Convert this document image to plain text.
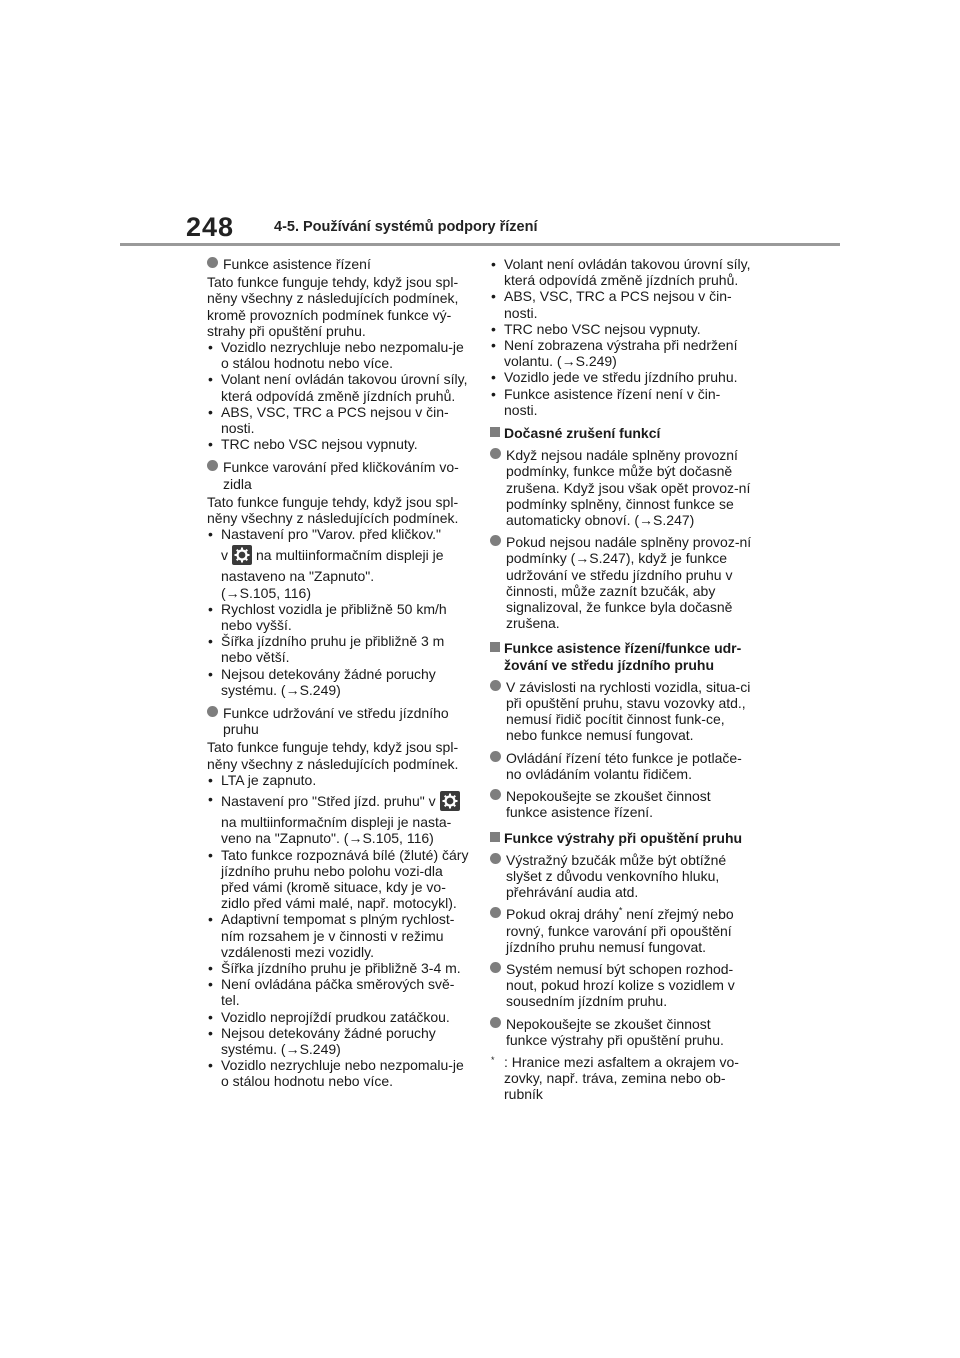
248	4-5. Používání systémů podpory řízení
Funkce asistence řízení
Tato funkce funguje tehdy, když jsou spl-něny všechny z následujících podmínek, kromě provozních podmínek funkce vý-strahy při opuštění pruhu.
• Vozidlo nezrychluje nebo nezpomalu-je o stálou hodnotu nebo více.
• Volant není ovládán takovou úrovní síly, která odpovídá změně jízdních pruhů.
• ABS, VSC, TRC a PCS nejsou v čin-nosti.
• TRC nebo VSC nejsou vypnuty.
Funkce varování před kličkováním vo-zidla
Tato funkce funguje tehdy, když jsou spl-něny všechny z následujících podmínek.
• Nastavení pro "Varov. před kličkov."
v na multiinformačním displeji je
nastaveno na "Zapnuto".
(→S.105, 116)
• Rychlost vozidla je přibližně 50 km/h nebo vyšší.
• Šířka jízdního pruhu je přibližně 3 m nebo větší.
• Nejsou detekovány žádné poruchy systému. (→S.249)
Funkce udržování ve středu jízdního pruhu
Tato funkce funguje tehdy, když jsou spl-něny všechny z následujících podmínek.
• LTA je zapnuto.
• Nastavení pro "Střed jízd. pruhu" v
na multiinformačním displeji je nasta-veno na "Zapnuto". (→S.105, 116)
• Tato funkce rozpoznává bílé (žluté) čáry jízdního pruhu nebo polohu vozi-dla před vámi (kromě situace, kdy je vo-zidlo před vámi malé, např. motocykl).
• Adaptivní tempomat s plným rychlost-ním rozsahem je v činnosti v režimu vzdálenosti mezi vozidly.
• Šířka jízdního pruhu je přibližně 3-4 m.
• Není ovládána páčka směrových svě-tel.
• Vozidlo neprojíždí prudkou zatáčkou.
• Nejsou detekovány žádné poruchy systému. (→S.249)
• Vozidlo nezrychluje nebo nezpomalu-je o stálou hodnotu nebo více.
• Volant není ovládán takovou úrovní síly, která odpovídá změně jízdních pruhů.
• ABS, VSC, TRC a PCS nejsou v čin-nosti.
• TRC nebo VSC nejsou vypnuty.
• Není zobrazena výstraha při nedržení volantu. (→S.249)
• Vozidlo jede ve středu jízdního pruhu.
• Funkce asistence řízení není v čin-nosti.
Dočasné zrušení funkcí
Když nejsou nadále splněny provozní podmínky, funkce může být dočasně zrušena. Když jsou však opět provoz-ní podmínky splněny, činnost funkce se automaticky obnoví. (→S.247)
Pokud nejsou nadále splněny provoz-ní podmínky (→S.247), když je funkce udržování ve středu jízdního pruhu v činnosti, může zaznít bzučák, aby signalizoval, že funkce byla dočasně zrušena.
Funkce asistence řízení/funkce udr-žování ve středu jízdního pruhu
V závislosti na rychlosti vozidla, situa-ci při opuštění pruhu, stavu vozovky atd., nemusí řidič pocítit činnost funk-ce, nebo funkce nemusí fungovat.
Ovládání řízení této funkce je potlače-no ovládáním volantu řidičem.
Nepokoušejte se zkoušet činnost funkce asistence řízení.
Funkce výstrahy při opuštění pruhu
Výstražný bzučák může být obtížné slyšet z důvodu venkovního hluku, přehrávání audia atd.
Pokud okraj dráhy* není zřejmý nebo rovný, funkce varování při opouštění jízdního pruhu nemusí fungovat.
Systém nemusí být schopen rozhod-nout, pokud hrozí kolize s vozidlem v sousedním jízdním pruhu.
Nepokoušejte se zkoušet činnost funkce výstrahy při opuštění pruhu.
* : Hranice mezi asfaltem a okrajem vo-zovky, např. tráva, zemina nebo ob-rubník
